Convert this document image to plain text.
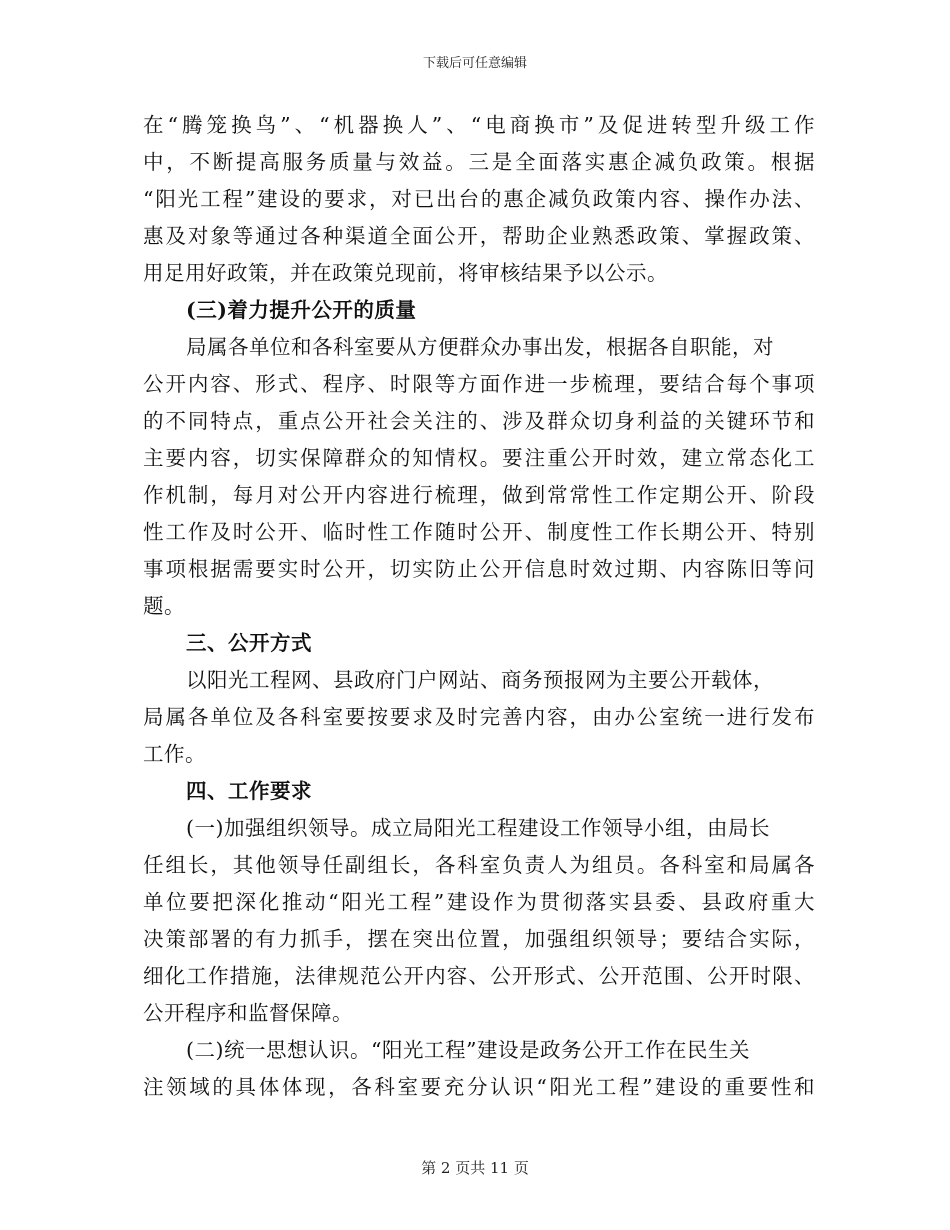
下载后可任意编辑
在“腾笼换鸟”、“机器换人”、“电商换市”及促进转型升级工作
中，不断提高服务质量与效益。三是全面落实惠企减负政策。根据
“阳光工程”建设的要求，对已出台的惠企减负政策内容、操作办法、
惠及对象等通过各种渠道全面公开，帮助企业熟悉政策、掌握政策、
用足用好政策，并在政策兑现前，将审核结果予以公示。
(三)着力提升公开的质量
局属各单位和各科室要从方便群众办事出发，根据各自职能，对
公开内容、形式、程序、时限等方面作进一步梳理，要结合每个事项
的不同特点，重点公开社会关注的、涉及群众切身利益的关键环节和
主要内容，切实保障群众的知情权。要注重公开时效，建立常态化工
作机制，每月对公开内容进行梳理，做到常常性工作定期公开、阶段
性工作及时公开、临时性工作随时公开、制度性工作长期公开、特别
事项根据需要实时公开，切实防止公开信息时效过期、内容陈旧等问
题。
三、公开方式
以阳光工程网、县政府门户网站、商务预报网为主要公开载体，
局属各单位及各科室要按要求及时完善内容，由办公室统一进行发布
工作。
四、工作要求
(一)加强组织领导。成立局阳光工程建设工作领导小组，由局长
任组长，其他领导任副组长，各科室负责人为组员。各科室和局属各
单位要把深化推动“阳光工程”建设作为贯彻落实县委、县政府重大
决策部署的有力抓手，摆在突出位置，加强组织领导；要结合实际，
细化工作措施，法律规范公开内容、公开形式、公开范围、公开时限、
公开程序和监督保障。
(二)统一思想认识。“阳光工程”建设是政务公开工作在民生关
注领域的具体体现，各科室要充分认识“阳光工程”建设的重要性和
第 2 页共 11 页
